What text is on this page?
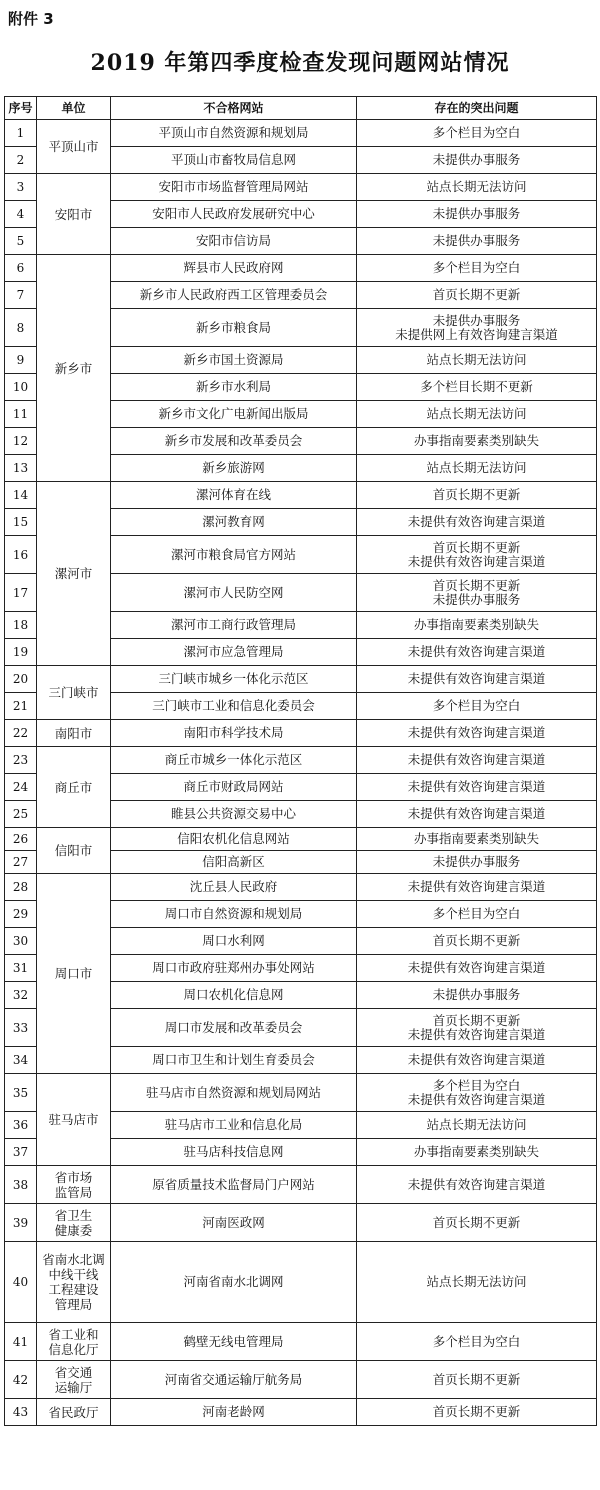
附件 3
2019 年第四季度检查发现问题网站情况
序号	单位	不合格网站	存在的突出问题
1	平顶山市	平顶山市自然资源和规划局	多个栏目为空白

2		平顶山市畜牧局信息网	未提供办事服务

3	安阳市	安阳市市场监督管理局网站	站点长期无法访问

4		安阳市人民政府发展研究中心	未提供办事服务

5		安阳市信访局	未提供办事服务

6	新乡市	辉县市人民政府网	多个栏目为空白

7		新乡市人民政府西工区管理委员会	首页长期不更新

8		新乡市粮食局	未提供办事服务
未提供网上有效咨询建言渠道

9		新乡市国土资源局	站点长期无法访问

10		新乡市水利局	多个栏目长期不更新

11		新乡市文化广电新闻出版局	站点长期无法访问

12		新乡市发展和改革委员会	办事指南要素类别缺失

13		新乡旅游网	站点长期无法访问

14	漯河市	漯河体育在线	首页长期不更新

15		漯河教育网	未提供有效咨询建言渠道

16		漯河市粮食局官方网站	首页长期不更新
未提供有效咨询建言渠道

17		漯河市人民防空网	首页长期不更新
未提供办事服务

18		漯河市工商行政管理局	办事指南要素类别缺失

19		漯河市应急管理局	未提供有效咨询建言渠道

20	三门峡市	三门峡市城乡一体化示范区	未提供有效咨询建言渠道

21		三门峡市工业和信息化委员会	多个栏目为空白

22	南阳市	南阳市科学技术局	未提供有效咨询建言渠道

23	商丘市	商丘市城乡一体化示范区	未提供有效咨询建言渠道

24		商丘市财政局网站	未提供有效咨询建言渠道

25		睢县公共资源交易中心	未提供有效咨询建言渠道

26	信阳市	信阳农机化信息网站	办事指南要素类别缺失

27		信阳高新区	未提供办事服务

28	周口市	沈丘县人民政府	未提供有效咨询建言渠道

29		周口市自然资源和规划局	多个栏目为空白

30		周口水利网	首页长期不更新

31		周口市政府驻郑州办事处网站	未提供有效咨询建言渠道

32		周口农机化信息网	未提供办事服务

33		周口市发展和改革委员会	首页长期不更新
未提供有效咨询建言渠道

34		周口市卫生和计划生育委员会	未提供有效咨询建言渠道

35	驻马店市	驻马店市自然资源和规划局网站	多个栏目为空白
未提供有效咨询建言渠道

36		驻马店市工业和信息化局	站点长期无法访问

37		驻马店科技信息网	办事指南要素类别缺失

38	省市场
监管局	原省质量技术监督局门户网站	未提供有效咨询建言渠道

39	省卫生
健康委	河南医政网	首页长期不更新

40	省南水北调
中线干线
工程建设
管理局	河南省南水北调网	站点长期无法访问

41	省工业和
信息化厅	鹤壁无线电管理局	多个栏目为空白

42	省交通
运输厅	河南省交通运输厅航务局	首页长期不更新

43	省民政厅	河南老龄网	首页长期不更新
